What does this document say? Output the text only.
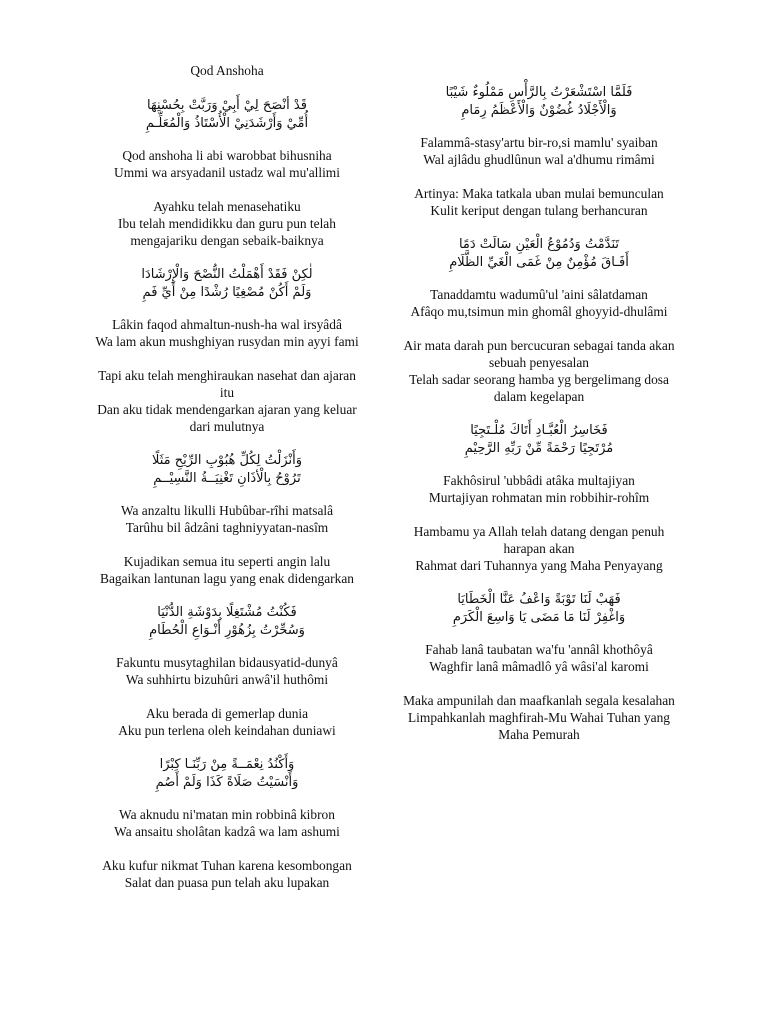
Qod Anshoha
قَدْ أنْصَحَ لِيْ أَبِيْ وَرَبَّتْ بِحُسْنِهَا
أُمِّيْ وَأَرْشَدَنِيْ الْأُسْتَاذُ وَالْمُعَلِّـمِ
Qod anshoha li abi warobbat bihusniha
Ummi wa arsyadanil ustadz wal mu'allimi
Ayahku telah menasehatiku
Ibu telah mendidikku dan guru pun telah mengajariku dengan sebaik-baiknya
لٰكِنْ فَقَدْ أَهْمَلْتُ النُّصْحَ وَالْإِرْشَادَا
وَلَمْ أَكُنْ مُصْغِيًا رُشْدًا مِنْ أَيِّ فَمِ
Lâkin faqod ahmaltun-nush-ha wal irsyâdâ
Wa lam akun mushghiyan rusydan min ayyi fami
Tapi aku telah menghiraukan nasehat dan ajaran itu
Dan aku tidak mendengarkan ajaran yang keluar dari mulutnya
وَأَنْزَلْتُ لِكُلِّ هُبُوْبِ الرِّيْحِ مَثَلًا
تَرُوْحُ بِالْأذَانِ تَغْنِيَــةُ النَّسِيْــمِ
Wa anzaltu likulli Hubûbar-rîhi matsalâ
Tarûhu bil âdzâni taghniyyatan-nasîm
Kujadikan semua itu seperti angin lalu
Bagaikan lantunan lagu yang enak didengarkan
فَكُنْتُ مُشْتَغِلًا بِدَوْشَةِ الدُّنْيَا
وَسُحِّرْتُ بِزُهُوْرِ أَنْـوَاعِ الْحُطَامِ
Fakuntu musytaghilan bidausyatid-dunyâ
Wa suhhirtu bizuhûri anwâ'il huthômi
Aku berada di gemerlap dunia
Aku pun terlena oleh keindahan duniawi
وَأَكْنُدُ نِعْمَــةً مِنْ رَبِّنَـا كِبْرًا
وَأَنْسَيْتُ صَلَاةً كَذَا وَلَمْ أَصُمِ
Wa aknudu ni'matan min robbinâ kibron
Wa ansaitu sholâtan kadzâ wa lam ashumi
Aku kufur nikmat Tuhan karena kesombongan
Salat dan puasa pun telah aku lupakan
فَلَمَّا اسْتَشْعَرْتُ بِالرَّأْسِ مَمْلُوءٌ شَيْبًا
وَالْأَجْلَادُ غُضُوْنٌ وَالْأَعْظَمُ رِمَامِ
Falammâ-stasy'artu bir-ro,si mamlu' syaiban
Wal ajlâdu ghudlûnun wal a'dhumu rimâmi
Artinya: Maka tatkala uban mulai bemunculan
Kulit keriput dengan tulang berhancuran
تَنَدَّمْتُ وَدُمُوْعُ الْعَيْنِ سَالَتْ دَمًا
أَفَـاقَ مُؤْمِنٌ مِنْ غَمَى الْغَيِّ الظَّلَامِ
Tanaddamtu wadumû'ul 'aini sâlatdaman
Afâqo mu,tsimun min ghomâl ghoyyid-dhulâmi
Air mata darah pun bercucuran sebagai tanda akan sebuah penyesalan
Telah sadar seorang hamba yg bergelimang dosa dalam kegelapan
فَخَاسِرُ الْعُبَّـادِ أَتَاكَ مُلْـتَجِيًا
مُرْتَجِيًا رَحْمَةً مِّنْ رَبِّهِ الرَّحِيْمِ
Fakhôsirul 'ubbâdi atâka multajiyan
Murtajiyan rohmatan min robbihir-rohîm
Hambamu ya Allah telah datang dengan penuh harapan akan
Rahmat dari Tuhannya yang Maha Penyayang
فَهَبْ لَنَا تَوْبَةً وَاعْفُ عَنَّا الْخَطَايَا
وَاغْفِرْ لَنَا مَا مَضَى يَا وَاسِعَ الْكَرَمِ
Fahab lanâ taubatan wa'fu 'annâl khothôyâ
Waghfir lanâ mâmadlô yâ wâsi'al karomi
Maka ampunilah dan maafkanlah segala kesalahan
Limpahkanlah maghfirah-Mu Wahai Tuhan yang Maha Pemurah
